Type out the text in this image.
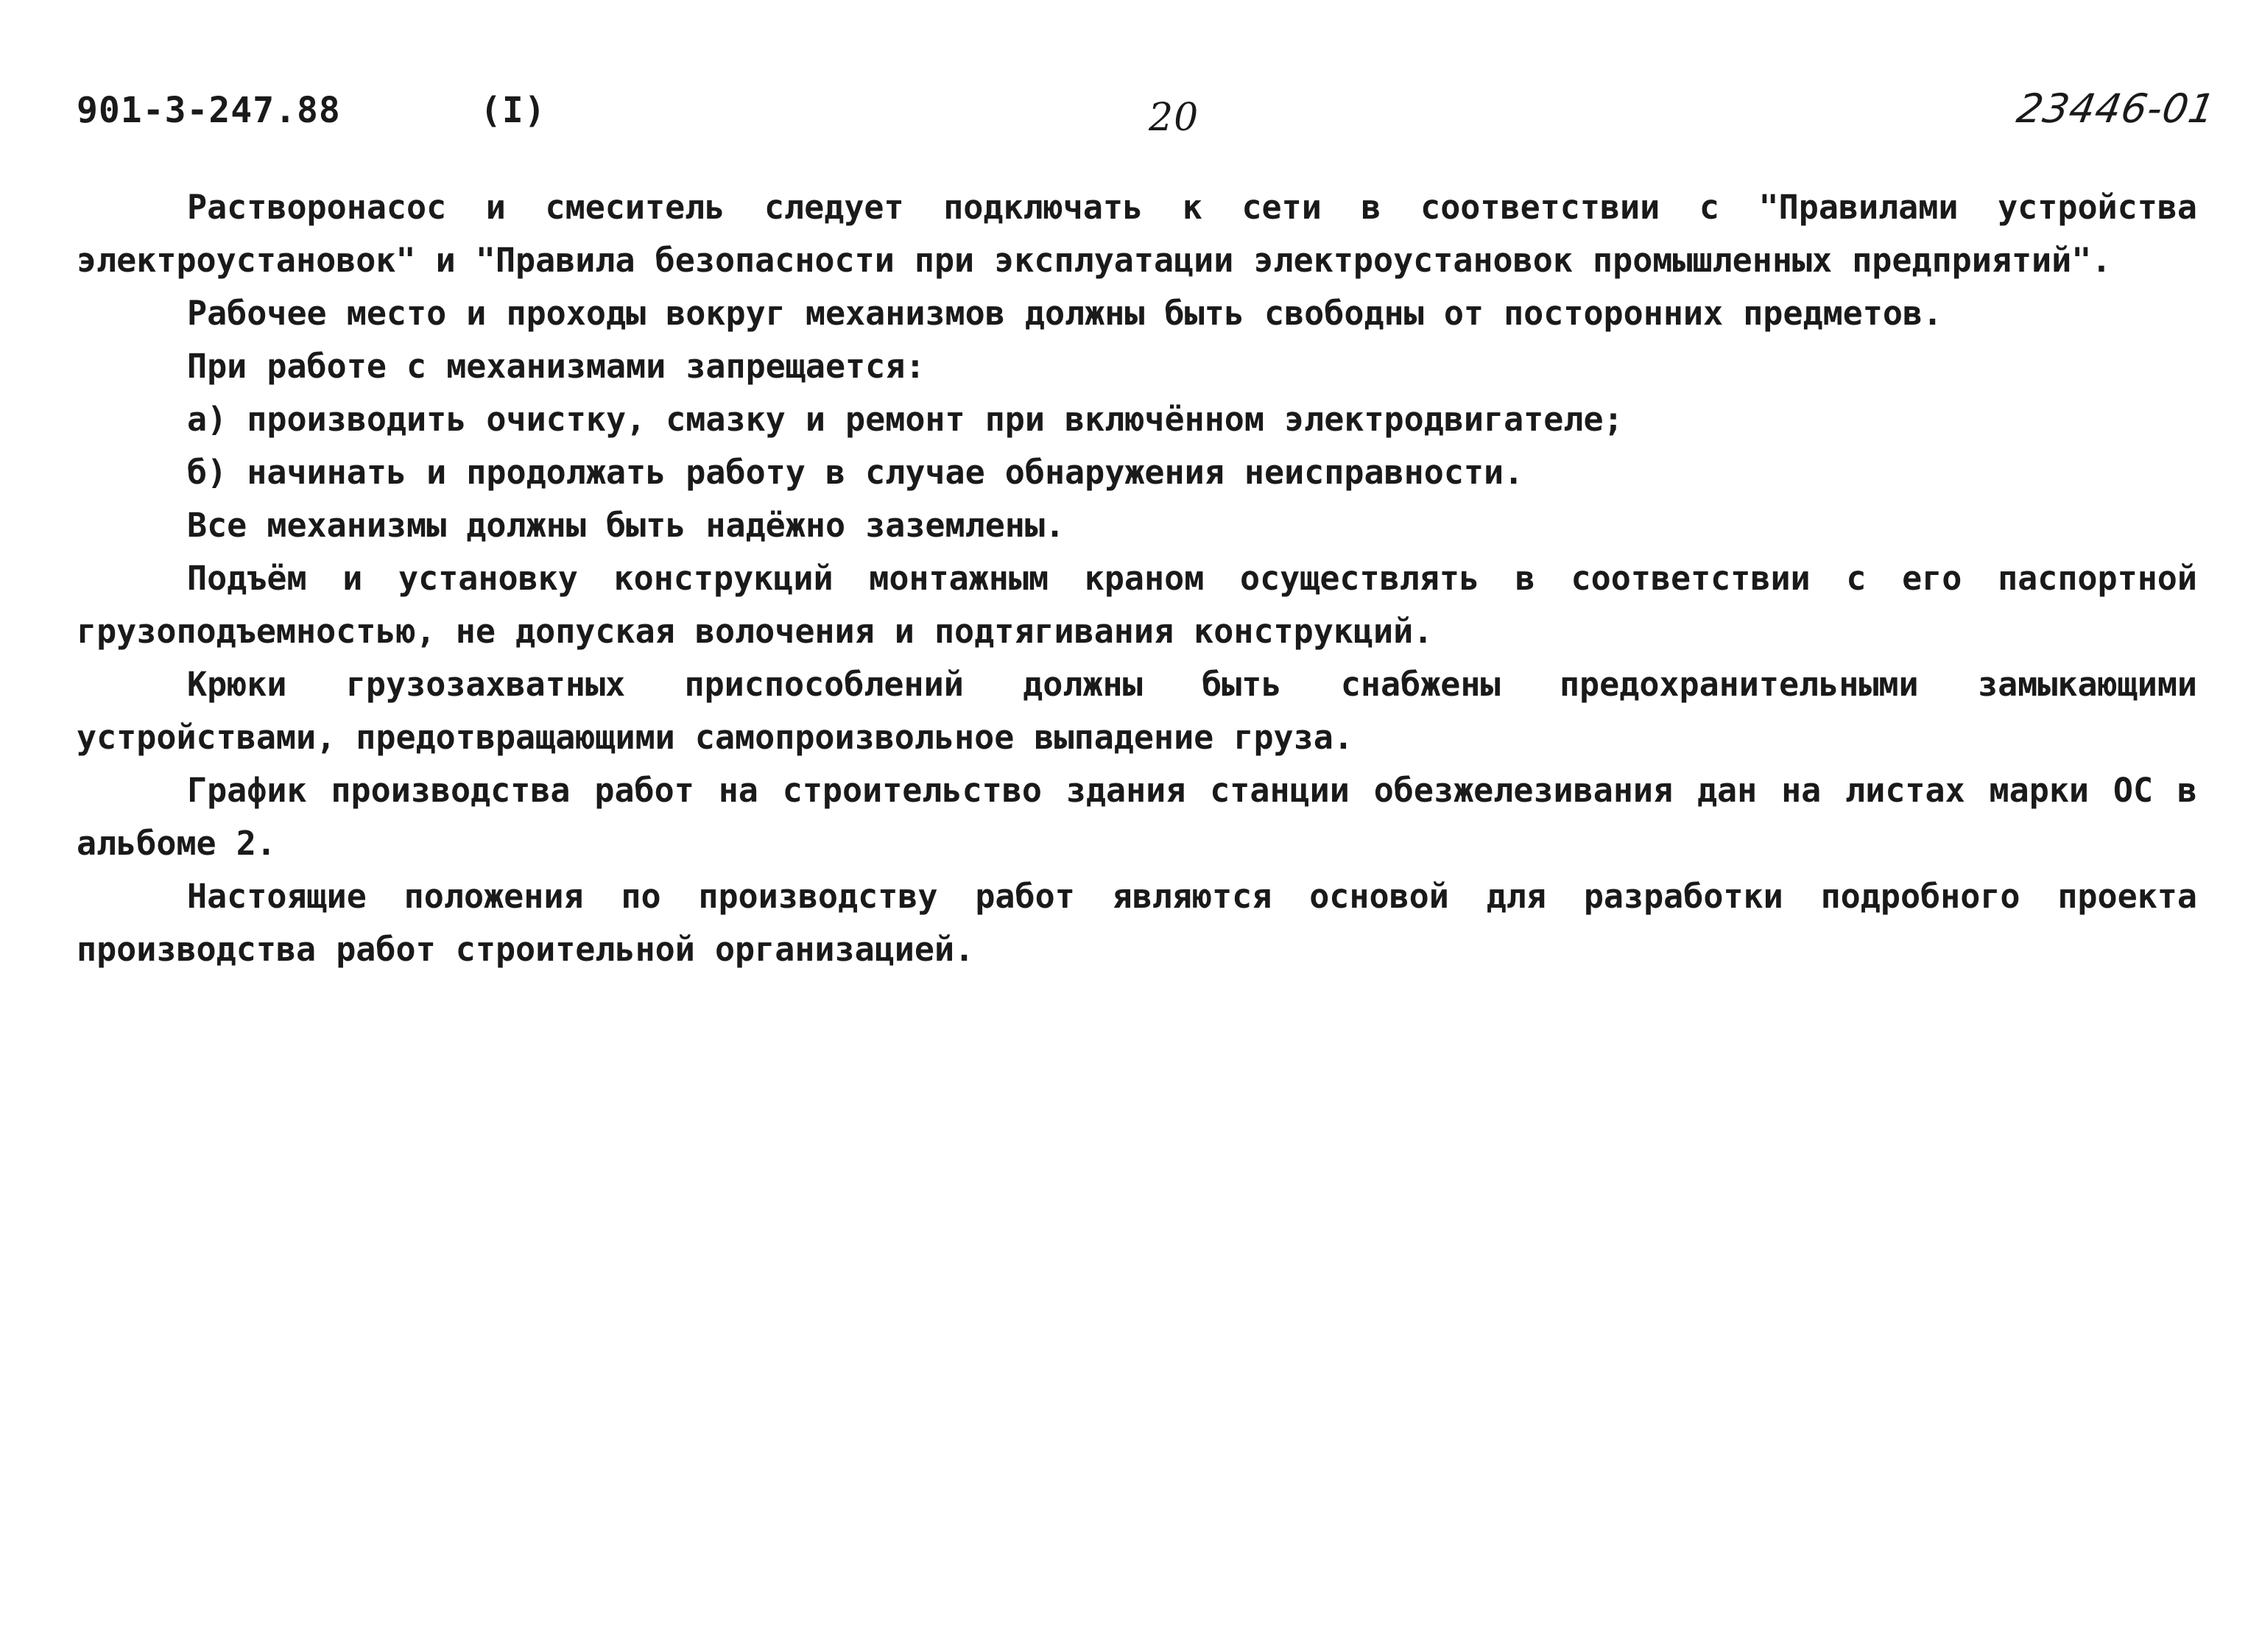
901-3-247.88	(I)	20	23446-01

Растворонасос и смеситель следует подключать к сети в соответствии с "Правилами устройства электроустановок" и "Правила безопасности при эксплуатации электроустановок промышленных предприятий".

Рабочее место и проходы вокруг механизмов должны быть свободны от посторонних предметов.

При работе с механизмами запрещается:

а) производить очистку, смазку и ремонт при включённом электродвигателе;

б) начинать и продолжать работу в случае обнаружения неисправности.

Все механизмы должны быть надёжно заземлены.

Подъём и установку конструкций монтажным краном осуществлять в соответствии с его паспортной грузоподъемностью, не допуская волочения и подтягивания конструкций.

Крюки грузозахватных приспособлений должны быть снабжены предохранительными замыкающими устройствами, предотвращающими самопроизвольное выпадение груза.

График производства работ на строительство здания станции обезжелезивания дан на листах марки ОС в альбоме 2.

Настоящие положения по производству работ являются основой для разработки подробного проекта производства работ строительной организацией.
